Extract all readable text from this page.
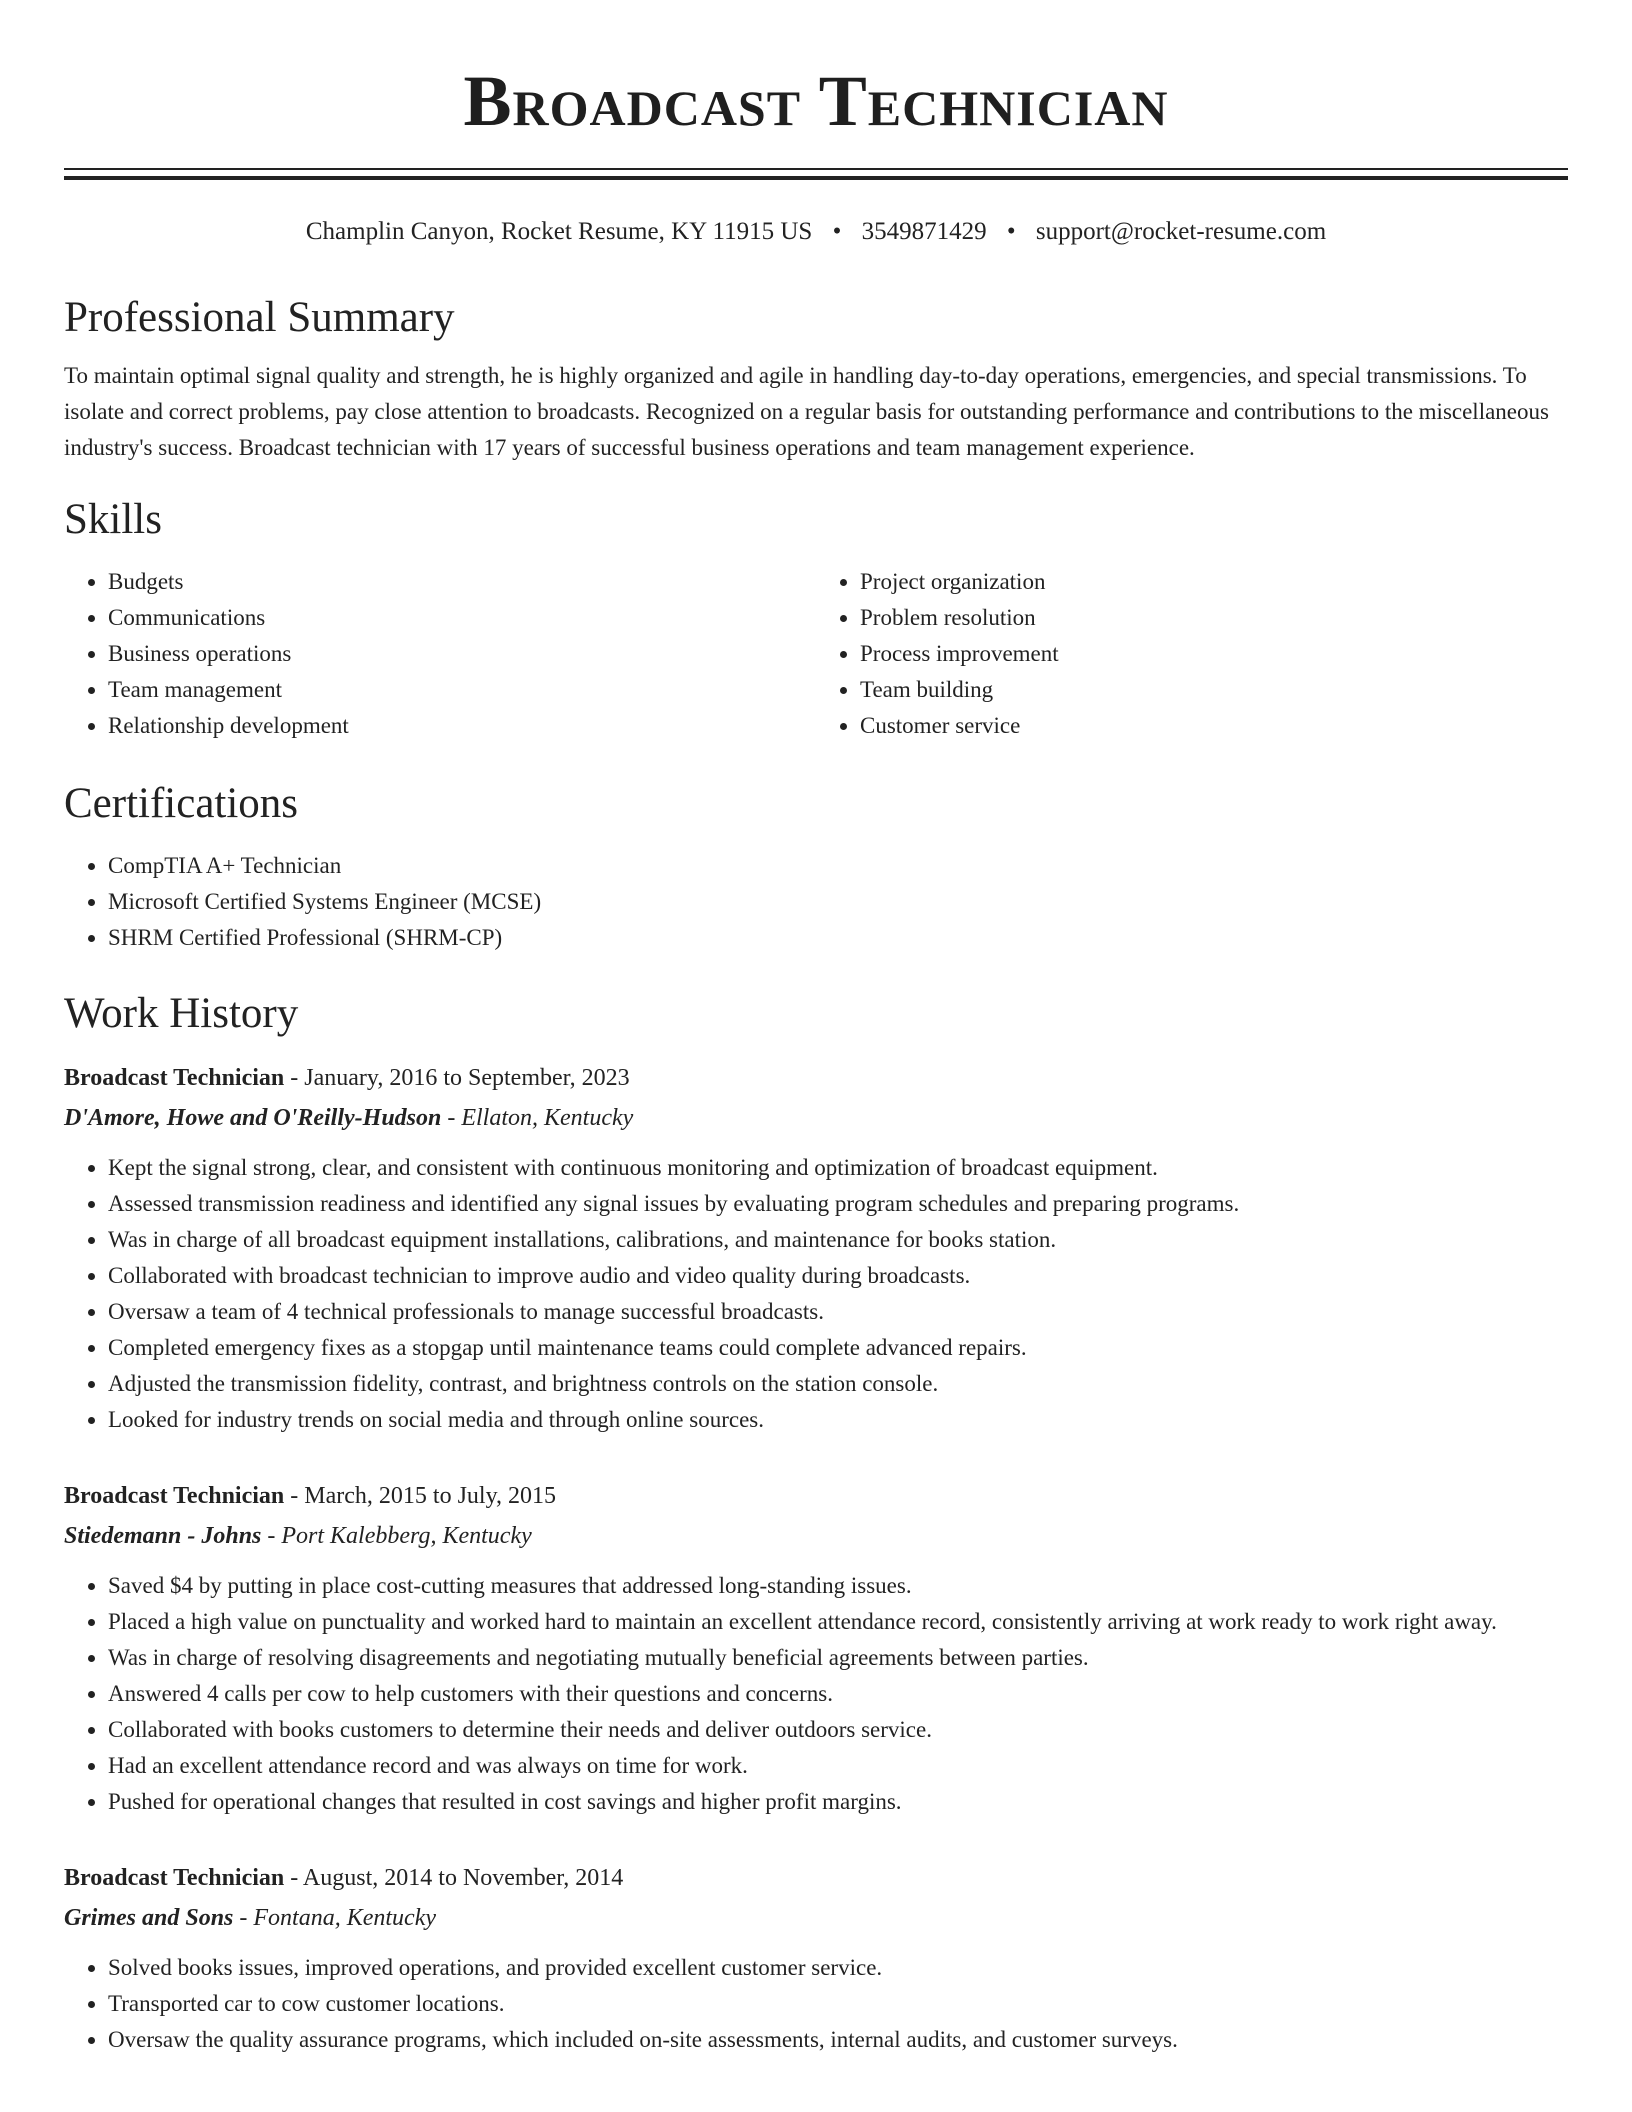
Broadcast Technician
Champlin Canyon, Rocket Resume, KY 11915 US • 3549871429 • support@rocket-resume.com
Professional Summary
To maintain optimal signal quality and strength, he is highly organized and agile in handling day-to-day operations, emergencies, and special transmissions. To isolate and correct problems, pay close attention to broadcasts. Recognized on a regular basis for outstanding performance and contributions to the miscellaneous industry's success. Broadcast technician with 17 years of successful business operations and team management experience.
Skills
• Budgets
• Communications
• Business operations
• Team management
• Relationship development
• Project organization
• Problem resolution
• Process improvement
• Team building
• Customer service
Certifications
• CompTIA A+ Technician
• Microsoft Certified Systems Engineer (MCSE)
• SHRM Certified Professional (SHRM-CP)
Work History
Broadcast Technician - January, 2016 to September, 2023
D'Amore, Howe and O'Reilly-Hudson - Ellaton, Kentucky
• Kept the signal strong, clear, and consistent with continuous monitoring and optimization of broadcast equipment.
• Assessed transmission readiness and identified any signal issues by evaluating program schedules and preparing programs.
• Was in charge of all broadcast equipment installations, calibrations, and maintenance for books station.
• Collaborated with broadcast technician to improve audio and video quality during broadcasts.
• Oversaw a team of 4 technical professionals to manage successful broadcasts.
• Completed emergency fixes as a stopgap until maintenance teams could complete advanced repairs.
• Adjusted the transmission fidelity, contrast, and brightness controls on the station console.
• Looked for industry trends on social media and through online sources.
Broadcast Technician - March, 2015 to July, 2015
Stiedemann - Johns - Port Kalebberg, Kentucky
• Saved $4 by putting in place cost-cutting measures that addressed long-standing issues.
• Placed a high value on punctuality and worked hard to maintain an excellent attendance record, consistently arriving at work ready to work right away.
• Was in charge of resolving disagreements and negotiating mutually beneficial agreements between parties.
• Answered 4 calls per cow to help customers with their questions and concerns.
• Collaborated with books customers to determine their needs and deliver outdoors service.
• Had an excellent attendance record and was always on time for work.
• Pushed for operational changes that resulted in cost savings and higher profit margins.
Broadcast Technician - August, 2014 to November, 2014
Grimes and Sons - Fontana, Kentucky
• Solved books issues, improved operations, and provided excellent customer service.
• Transported car to cow customer locations.
• Oversaw the quality assurance programs, which included on-site assessments, internal audits, and customer surveys.
